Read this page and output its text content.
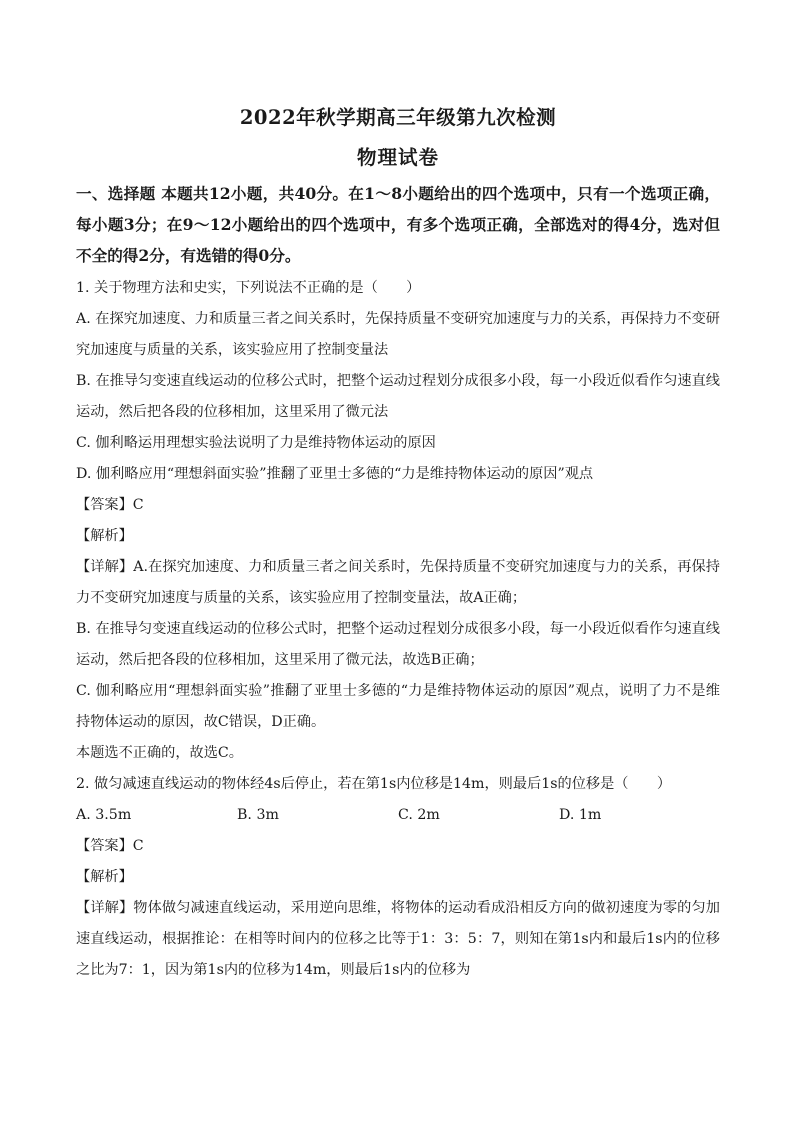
2022年秋学期高三年级第九次检测
物理试卷

一、选择题 本题共12小题，共40分。在1～8小题给出的四个选项中，只有一个选项正确，每小题3分；在9～12小题给出的四个选项中，有多个选项正确，全部选对的得4分，选对但不全的得2分，有选错的得0分。

1. 关于物理方法和史实，下列说法不正确的是（　　）

A. 在探究加速度、力和质量三者之间关系时，先保持质量不变研究加速度与力的关系，再保持力不变研究加速度与质量的关系，该实验应用了控制变量法

B. 在推导匀变速直线运动的位移公式时，把整个运动过程划分成很多小段，每一小段近似看作匀速直线运动，然后把各段的位移相加，这里采用了微元法

C. 伽利略运用理想实验法说明了力是维持物体运动的原因

D. 伽利略应用“理想斜面实验”推翻了亚里士多德的“力是维持物体运动的原因”观点

【答案】C

【解析】

【详解】A.在探究加速度、力和质量三者之间关系时，先保持质量不变研究加速度与力的关系，再保持力不变研究加速度与质量的关系，该实验应用了控制变量法，故A正确；

B. 在推导匀变速直线运动的位移公式时，把整个运动过程划分成很多小段，每一小段近似看作匀速直线运动，然后把各段的位移相加，这里采用了微元法，故选B正确；

C. 伽利略应用“理想斜面实验”推翻了亚里士多德的“力是维持物体运动的原因”观点，说明了力不是维持物体运动的原因，故C错误，D正确。

本题选不正确的，故选C。

2. 做匀减速直线运动的物体经4s后停止，若在第1s内位移是14m，则最后1s的位移是（　　）

A. 3.5m	B. 3m	C. 2m	D. 1m

【答案】C

【解析】

【详解】物体做匀减速直线运动，采用逆向思维，将物体的运动看成沿相反方向的做初速度为零的匀加速直线运动，根据推论：在相等时间内的位移之比等于1：3：5：7，则知在第1s内和最后1s内的位移之比为7：1，因为第1s内的位移为14m，则最后1s内的位移为
